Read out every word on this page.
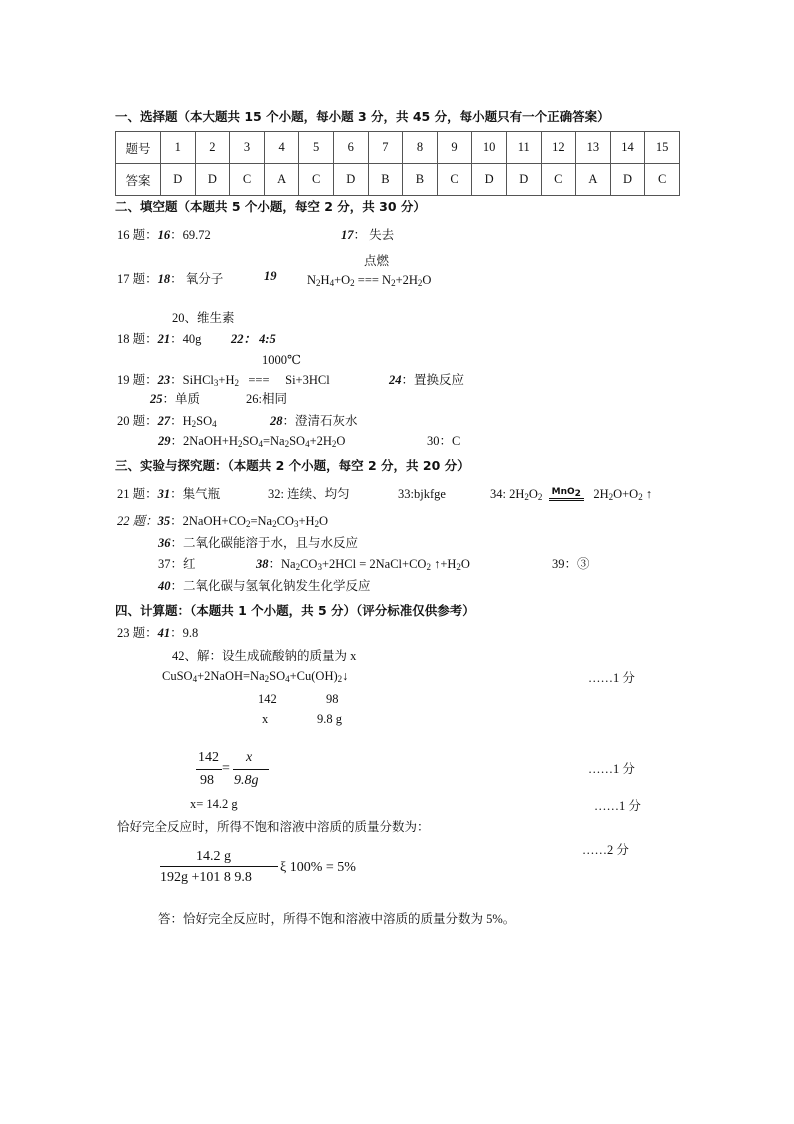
一、选择题（本大题共 15 个小题，每小题 3 分，共 45 分，每小题只有一个正确答案）
题号	1	2	3	4	5	6	7	8	9	10	11	12	13	14	15
答案	D	D	C	A	C	D	B	B	C	D	D	C	A	D	C
二、填空题（本题共 5 个小题，每空 2 分，共 30 分）
16 题：16：69.72	17： 失去
点燃
17 题：18： 氧分子	19 $N_2H_4+O_2$ === $N_2+2H_2O$
20、维生素
18 题：21：40g 22： 4:5
1000℃
19 题：23：$SiHCl_3+H_2$   ===     Si+3HCl	24：置换反应
25：单质	26:相同
20 题：27：$H_2SO_4$	28：澄清石灰水
29：$2NaOH+H_2SO_4=Na_2SO_4+2H_2O$	30：C
三、实验与探究题：（本题共 2 个小题，每空 2 分，共 20 分）
21 题：31：集气瓶	32: 连续、均匀	33:bjkfge	34: $2H_2O_2$ MnO$_2$   $2H_2O+O_2$ ↑
22 题：35：$2NaOH+CO_2=Na_2CO_3+H_2O$
36：二氧化碳能溶于水，且与水反应
37：红	38：$Na_2CO_3+2HCl$ = $2NaCl+CO_2$ $↑+H_2O$	39：③
40：二氧化碳与氢氧化钠发生化学反应
四、计算题：（本题共 1 个小题，共 5 分）（评分标准仅供参考）
23 题：41：9.8
42、解：设生成硫酸钠的质量为 x
$CuSO_4+2NaOH=Na_2SO_4+Cu(OH)_2↓$	……1 分
142	98
x	9.8 g
142
98
=
x
9.8g
……1 分
x= 14.2 g	……1 分
恰好完全反应时，所得不饱和溶液中溶质的质量分数为：
……2 分
14.2 g
192g +101 8 9.8
ξ 100% = 5%
答：恰好完全反应时，所得不饱和溶液中溶质的质量分数为 5%。
